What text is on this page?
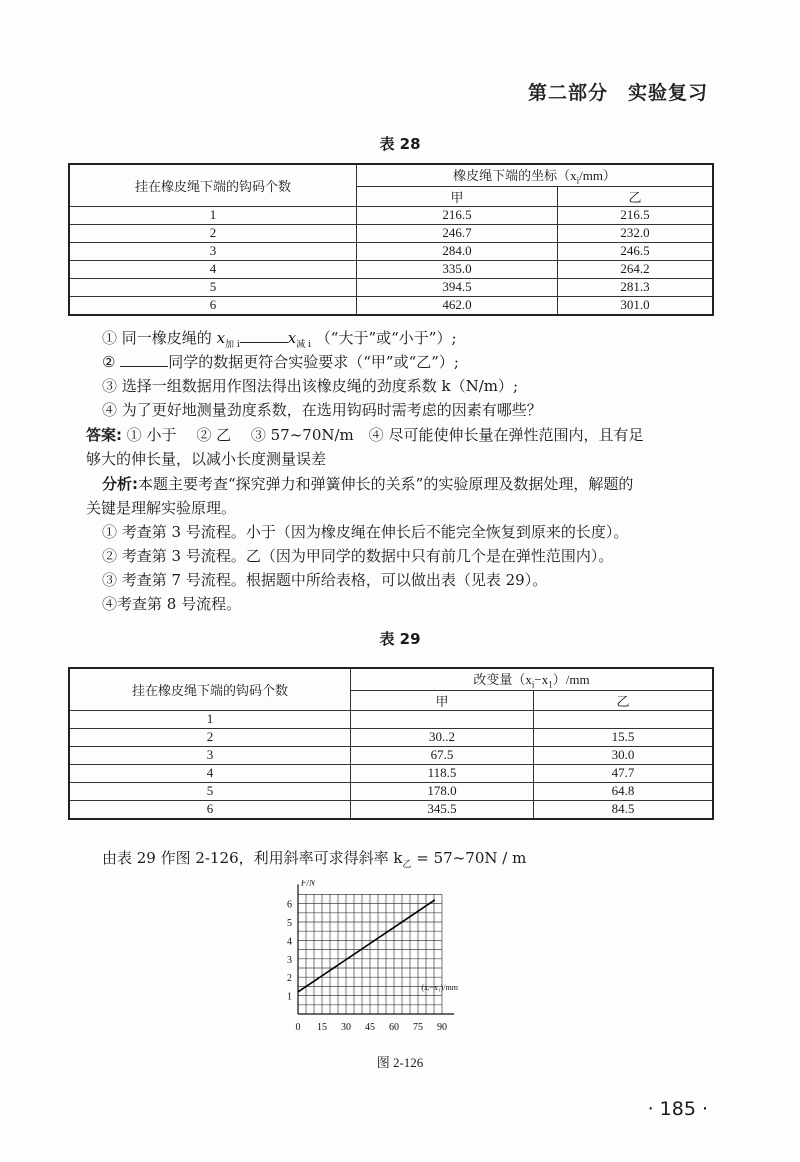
第二部分　实验复习
表 28
挂在橡皮绳下端的钩码个数	橡皮绳下端的坐标$(x_i/mm)$	
	甲	乙
1	216.5	216.5
2	246.7	232.0
3	284.0	246.5
4	335.0	264.2
5	394.5	281.3
6	462.0	301.0
① 同一橡皮绳的 $x_{加 i}$	$x_{减 i}$ （“大于”或“小于”）;
②	同学的数据更符合实验要求（“甲”或“乙”）;
③ 选择一组数据用作图法得出该橡皮绳的劲度系数 k（N/m）;
④ 为了更好地测量劲度系数，在选用钩码时需考虑的因素有哪些？
答案: ① 小于　 ② 乙　 ③ 57~70N/m　④ 尽可能使伸长量在弹性范围内，且有足
够大的伸长量，以减小长度测量误差
分析:本题主要考查“探究弹力和弹簧伸长的关系”的实验原理及数据处理，解题的
关键是理解实验原理。
① 考查第 3 号流程。小于（因为橡皮绳在伸长后不能完全恢复到原来的长度）。
② 考查第 3 号流程。乙（因为甲同学的数据中只有前几个是在弹性范围内）。
③ 考查第 7 号流程。根据题中所给表格，可以做出表（见表 29）。
④考查第 8 号流程。
表 29
挂在橡皮绳下端的钩码个数	改变量$(x_i-x_1)/mm$	
	甲	乙
1		
2	30..2	15.5
3	67.5	30.0
4	118.5	47.7
5	178.0	64.8
6	345.5	84.5
由表 29 作图 2-126，利用斜率可求得斜率 $k_乙$ = 57~70N / m
0 15 30 45 60 75 90
1
2
3
4
5
6
F/N
(xᵢ−x₁)/mm
图 2-126
· 185 ·
